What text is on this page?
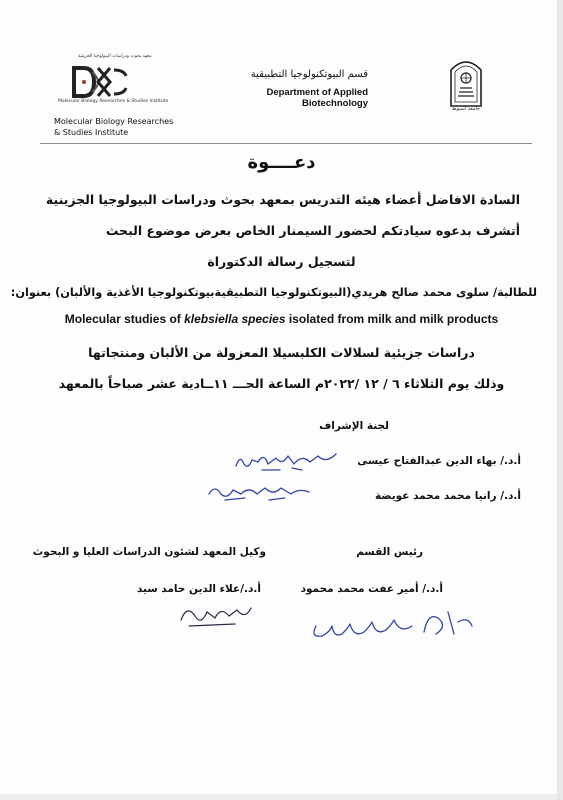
معهد بحوث ودراسات البيولوجيا الجزيئية
Molecular Biology Researches & Studies Institute
Molecular Biology Researches
& Studies Institute
قسم البيوتكنولوجيا التطبيقية
Department of Applied Biotechnology	جامعة أسيوط
دعــــوة
السادة الافاضل أعضاء هيئه التدريس بمعهد بحوث ودراسات البيولوجيا الجزينية
أتشرف بدعوه سيادتكم لحضور السيمنار الخاص بعرض موضوع البحث
لتسجيل رسالة الدكتوراة
للطالبة/ سلوى محمد صالح هريدي(البيوتكنولوجيا التطبيقيةبيوتكنولوجيا الأغذية والألبان) بعنوان:
Molecular studies of klebsiella species isolated from milk and milk products
دراسات جزيئية لسلالات الكلبسيلا المعزولة من الألبان ومنتجاتها
وذلك يوم الثلاثاء ٦ / ١٢ /٢٠٢٢م الساعة الحـــ ١١ــادية عشر صباحاً بالمعهد
لجنة الإشراف
أ.د./ بهاء الدين عبدالفتاح عيسى
أ.د./ رانيا محمد محمد عويضة
رئيس القسم
أ.د./ أمير عفت محمد محمود
وكيل المعهد لشئون الدراسات العليا و البحوث
أ.د./علاء الدين حامد سيد
